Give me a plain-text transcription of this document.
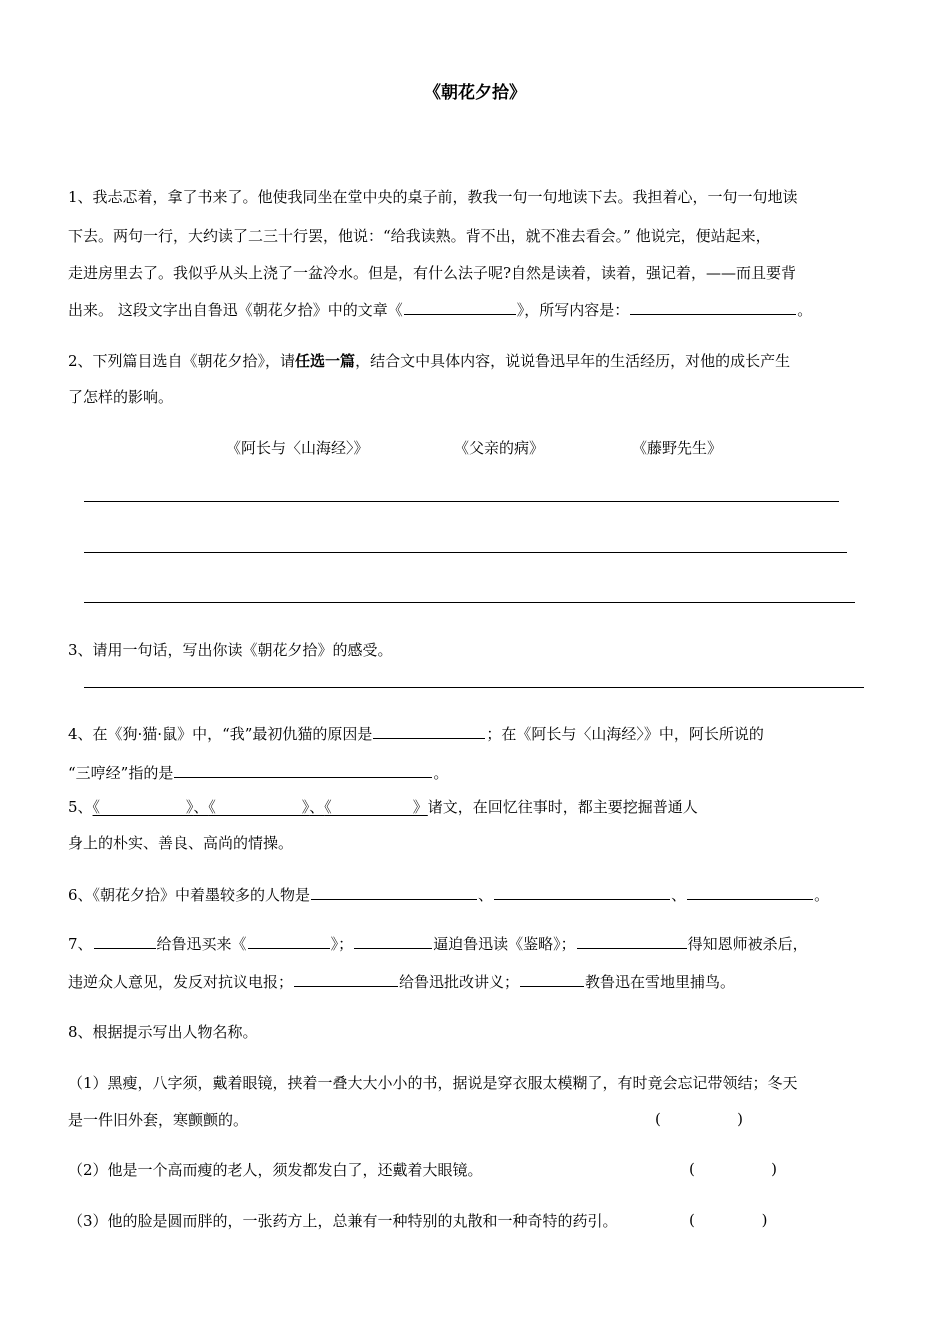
《朝花夕拾》
1、我忐忑着，拿了书来了。他使我同坐在堂中央的桌子前，教我一句一句地读下去。我担着心，一句一句地读
下去。两句一行，大约读了二三十行罢，他说：“给我读熟。背不出，就不准去看会。” 他说完，便站起来，
走进房里去了。我似乎从头上浇了一盆冷水。但是，有什么法子呢?自然是读着，读着，强记着，——而且要背
出来。 这段文字出自鲁迅《朝花夕拾》中的文章《	》，所写内容是：	。
2、下列篇目选自《朝花夕拾》，请任选一篇，结合文中具体内容，说说鲁迅早年的生活经历，对他的成长产生
了怎样的影响。
《阿长与〈山海经〉》	《父亲的病》	《藤野先生》
3、请用一句话，写出你读《朝花夕拾》的感受。
4、在《狗·猫·鼠》中，“我”最初仇猫的原因是	；在《阿长与〈山海经〉》中，阿长所说的
“三哼经”指的是	。
5、《                  》、《                  》、《                 》诸文，在回忆往事时，都主要挖掘普通人
身上的朴实、善良、高尚的情操。
6、《朝花夕拾》中着墨较多的人物是	、	、	。
7、	给鲁迅买来《	》；	逼迫鲁迅读《鉴略》；	得知恩师被杀后，
违逆众人意见，发反对抗议电报；	给鲁迅批改讲义；	教鲁迅在雪地里捕鸟。
8、根据提示写出人物名称。
（1）黑瘦，八字须，戴着眼镜，挟着一叠大大小小的书，据说是穿衣服太模糊了，有时竟会忘记带领结；冬天
是一件旧外套，寒颤颤的。	(                )
（2）他是一个高而瘦的老人，须发都发白了，还戴着大眼镜。	(                )
（3）他的脸是圆而胖的，一张药方上，总兼有一种特别的丸散和一种奇特的药引。	(              )
